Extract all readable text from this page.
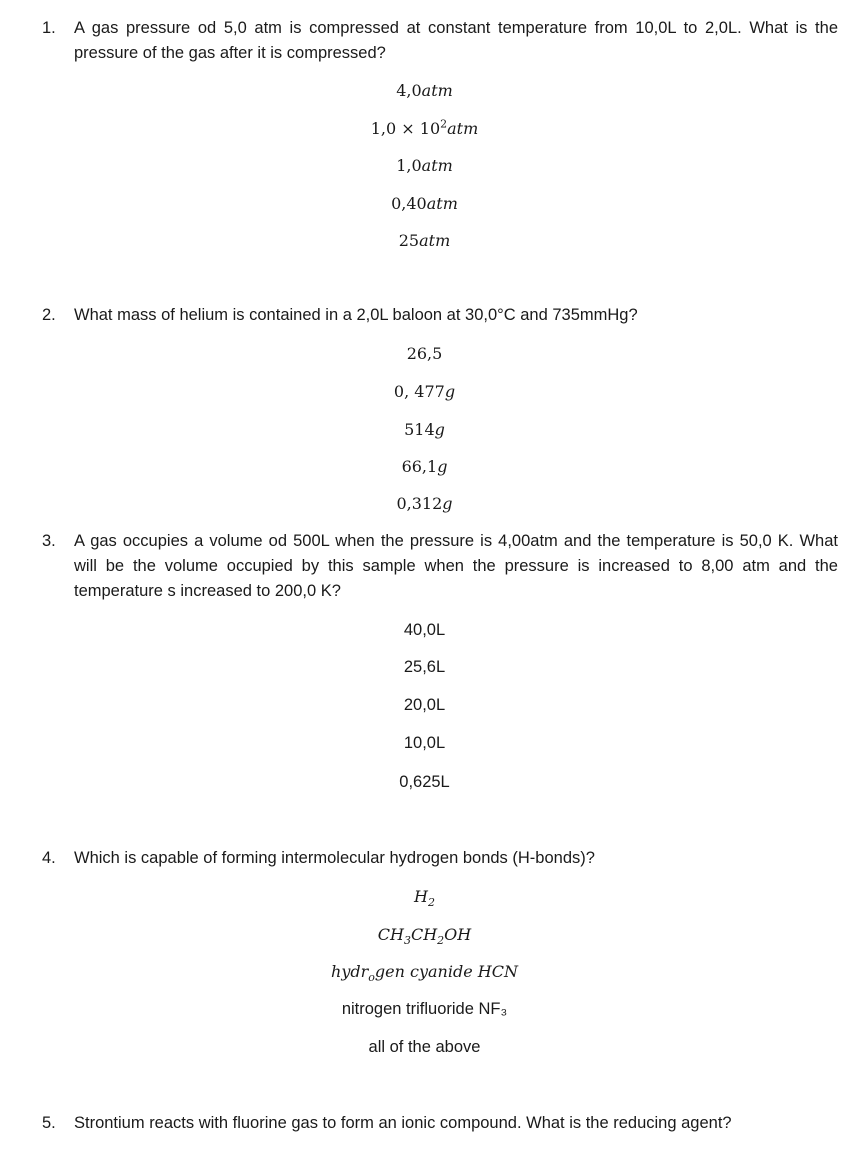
1. A gas pressure od 5,0 atm is compressed at constant temperature from 10,0L to 2,0L. What is the pressure of the gas after it is compressed?
4,0atm
$1,0 \times 10^2atm$
1,0atm
0,40atm
25atm
2. What mass of helium is contained in a 2,0L baloon at 30,0°C and 735mmHg?
26,5
0, 477g
514g
66,1g
0,312g
3. A gas occupies a volume od 500L when the pressure is 4,00atm and the temperature is 50,0 K. What will be the volume occupied by this sample when the pressure is increased to 8,00 atm and the temperature s increased to 200,0 K?
40,0L
25,6L
20,0L
10,0L
0,625L
4. Which is capable of forming intermolecular hydrogen bonds (H-bonds)?
$H_2$
$CH_3CH_2OH$
hydr$_o$gen cyanide HCN
nitrogen trifluoride NF₃
all of the above
5. Strontium reacts with fluorine gas to form an ionic compound. What is the reducing agent?
